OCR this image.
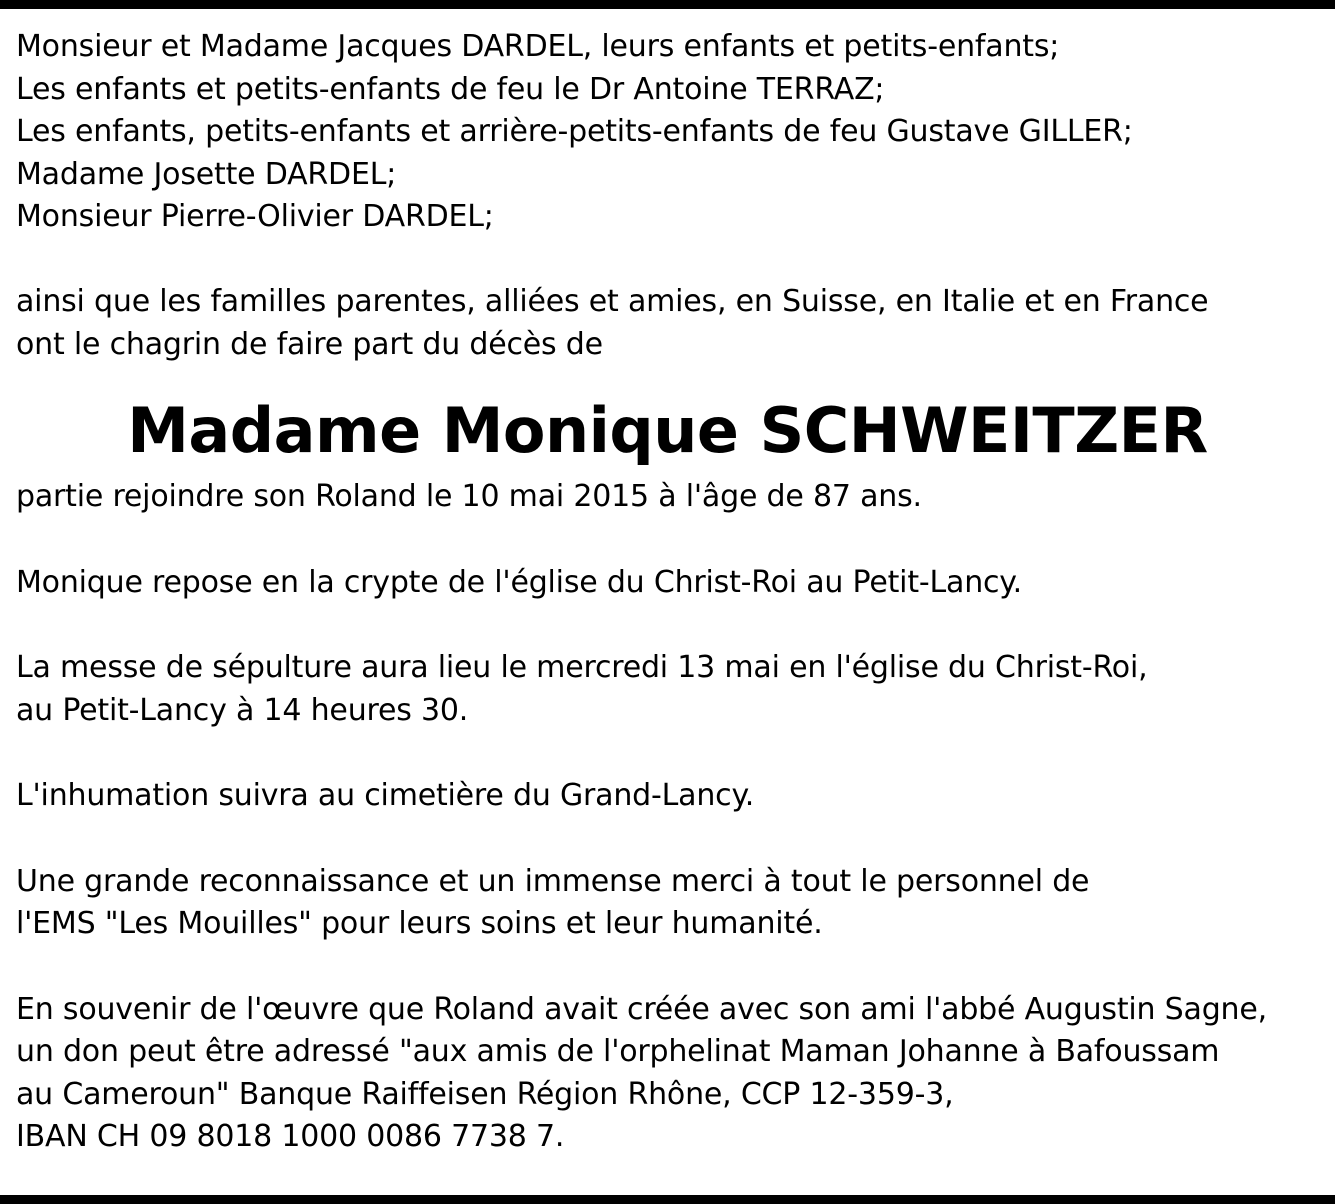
Monsieur et Madame Jacques DARDEL, leurs enfants et petits-enfants;
Les enfants et petits-enfants de feu le Dr Antoine TERRAZ;
Les enfants, petits-enfants et arrière-petits-enfants de feu Gustave GILLER;
Madame Josette DARDEL;
Monsieur Pierre-Olivier DARDEL;
ainsi que les familles parentes, alliées et amies, en Suisse, en Italie et en France
ont le chagrin de faire part du décès de
Madame Monique SCHWEITZER
partie rejoindre son Roland le 10 mai 2015 à l'âge de 87 ans.
Monique repose en la crypte de l'église du Christ-Roi au Petit-Lancy.
La messe de sépulture aura lieu le mercredi 13 mai en l'église du Christ-Roi,
au Petit-Lancy à 14 heures 30.
L'inhumation suivra au cimetière du Grand-Lancy.
Une grande reconnaissance et un immense merci à tout le personnel de
l'EMS "Les Mouilles" pour leurs soins et leur humanité.
En souvenir de l'œuvre que Roland avait créée avec son ami l'abbé Augustin Sagne,
un don peut être adressé "aux amis de l'orphelinat Maman Johanne à Bafoussam
au Cameroun" Banque Raiffeisen Région Rhône, CCP 12-359-3,
IBAN CH 09 8018 1000 0086 7738 7.
